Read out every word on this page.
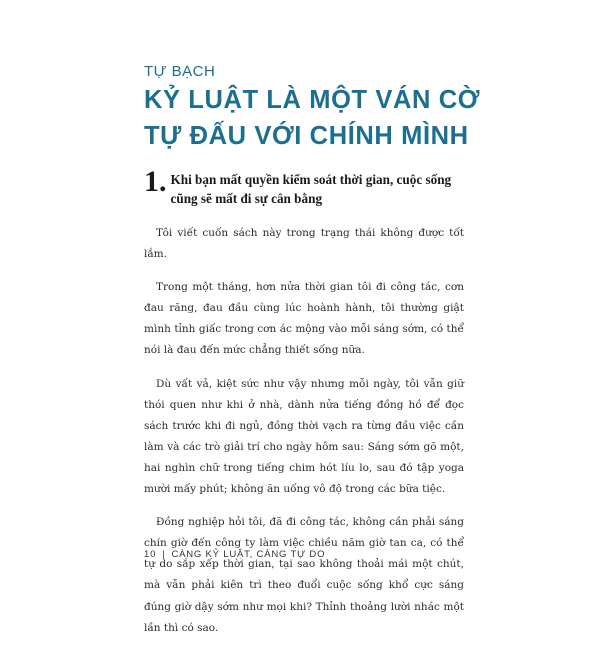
TỰ BẠCH

KỶ LUẬT LÀ MỘT VÁN CỜ
TỰ ĐẤU VỚI CHÍNH MÌNH
1. Khi bạn mất quyền kiểm soát thời gian, cuộc sống cũng sẽ mất đi sự cân bằng

Tôi viết cuốn sách này trong trạng thái không được tốt lắm.

Trong một tháng, hơn nửa thời gian tôi đi công tác, cơn đau răng, đau đầu cùng lúc hoành hành, tôi thường giật mình tỉnh giấc trong cơn ác mộng vào mỗi sáng sớm, có thể nói là đau đến mức chẳng thiết sống nữa.

Dù vất vả, kiệt sức như vậy nhưng mỗi ngày, tôi vẫn giữ thói quen như khi ở nhà, dành nửa tiếng đồng hồ để đọc sách trước khi đi ngủ, đồng thời vạch ra từng đầu việc cần làm và các trò giải trí cho ngày hôm sau: Sáng sớm gõ một, hai nghìn chữ trong tiếng chim hót líu lo, sau đó tập yoga mười mấy phút; không ăn uống vô độ trong các bữa tiệc.

Đồng nghiệp hỏi tôi, đã đi công tác, không cần phải sáng chín giờ đến công ty làm việc chiều năm giờ tan ca, có thể tự do sắp xếp thời gian, tại sao không thoải mái một chút, mà vẫn phải kiên trì theo đuổi cuộc sống khổ cực sáng đúng giờ dậy sớm như mọi khi? Thỉnh thoảng lười nhác một lần thì có sao.

10 | CÀNG KỶ LUẬT, CÀNG TỰ DO
